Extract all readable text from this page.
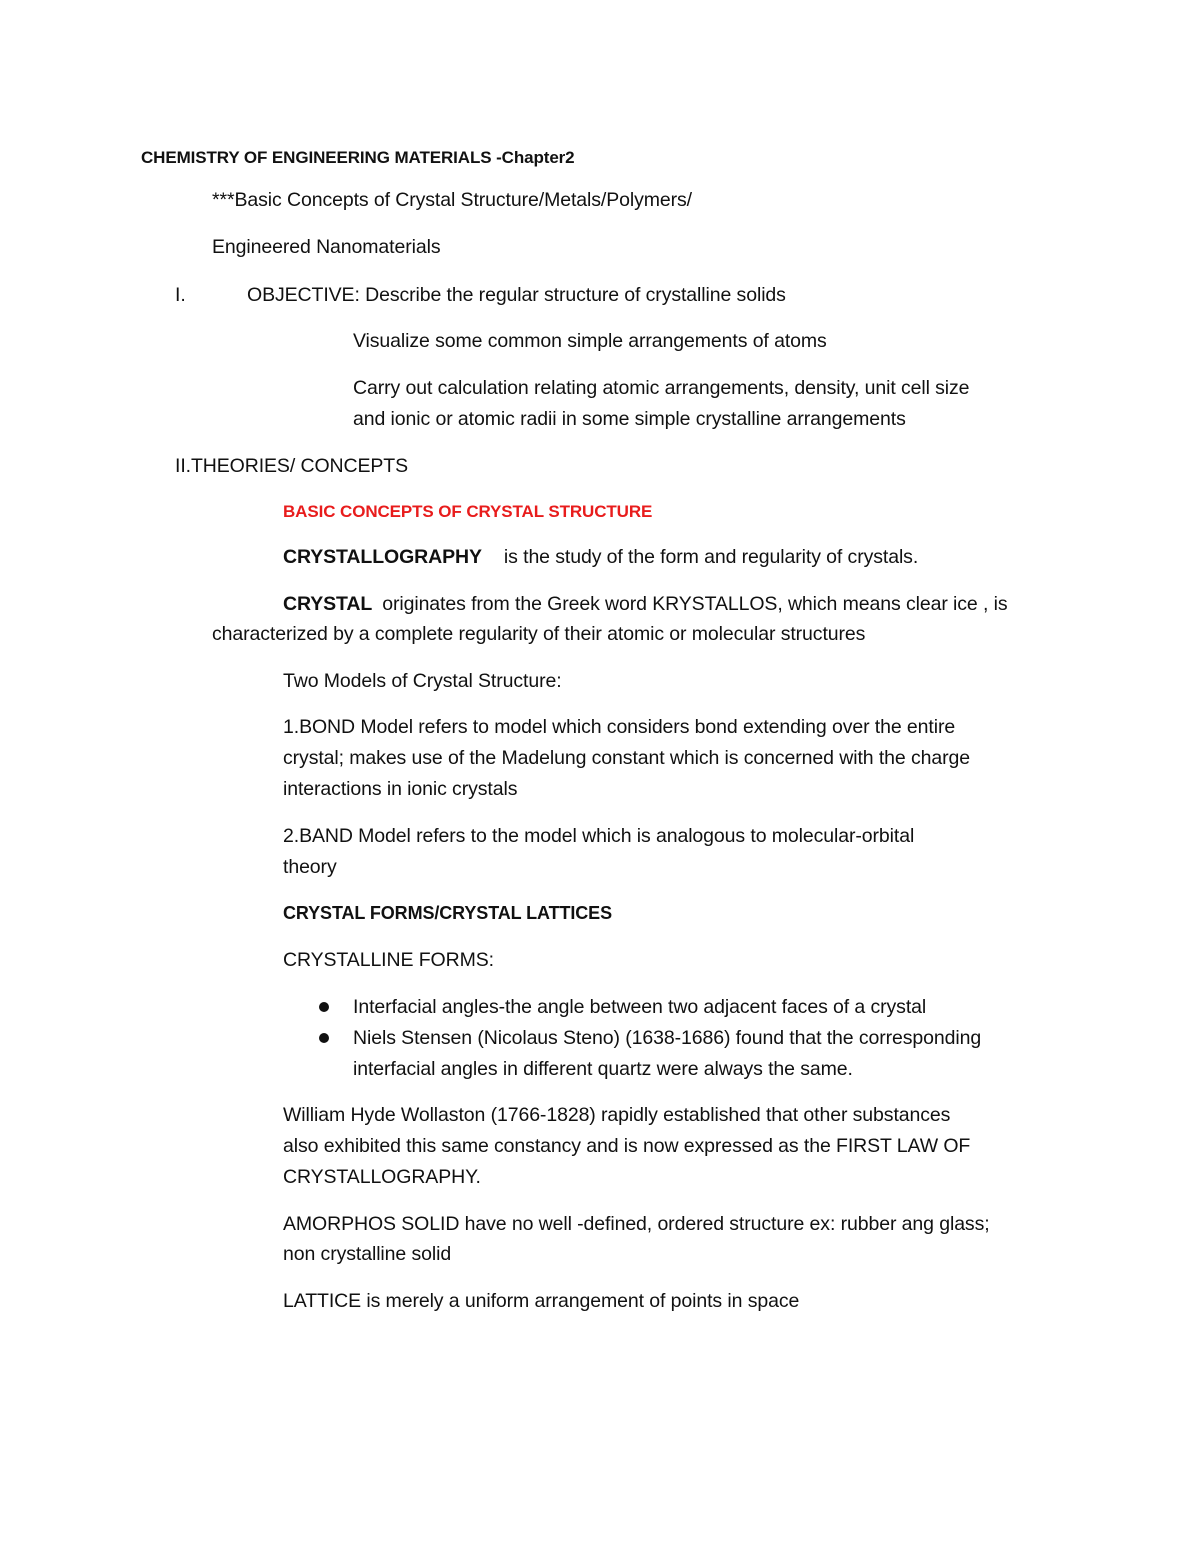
CHEMISTRY OF ENGINEERING MATERIALS -Chapter2
***Basic Concepts of Crystal Structure/Metals/Polymers/
Engineered Nanomaterials
I.	OBJECTIVE: Describe the regular structure of crystalline solids
Visualize some common simple arrangements of atoms
Carry out calculation relating atomic arrangements, density, unit cell size
and ionic or atomic radii in some simple crystalline arrangements
II.THEORIES/ CONCEPTS
BASIC CONCEPTS OF CRYSTAL STRUCTURE
CRYSTALLOGRAPHY is the study of the form and regularity of crystals.
CRYSTAL originates from the Greek word KRYSTALLOS, which means clear ice , is
characterized by a complete regularity of their atomic or molecular structures
Two Models of Crystal Structure:
1.BOND Model refers to model which considers bond extending over the entire
crystal; makes use of the Madelung constant which is concerned with the charge
interactions in ionic crystals
2.BAND Model refers to the model which is analogous to molecular-orbital
theory
CRYSTAL FORMS/CRYSTAL LATTICES
CRYSTALLINE FORMS:
Interfacial angles-the angle between two adjacent faces of a crystal
Niels Stensen (Nicolaus Steno) (1638-1686) found that the corresponding
interfacial angles in different quartz were always the same.
William Hyde Wollaston (1766-1828) rapidly established that other substances
also exhibited this same constancy and is now expressed as the FIRST LAW OF
CRYSTALLOGRAPHY.
AMORPHOS SOLID have no well -defined, ordered structure ex: rubber ang glass;
non crystalline solid
LATTICE is merely a uniform arrangement of points in space
